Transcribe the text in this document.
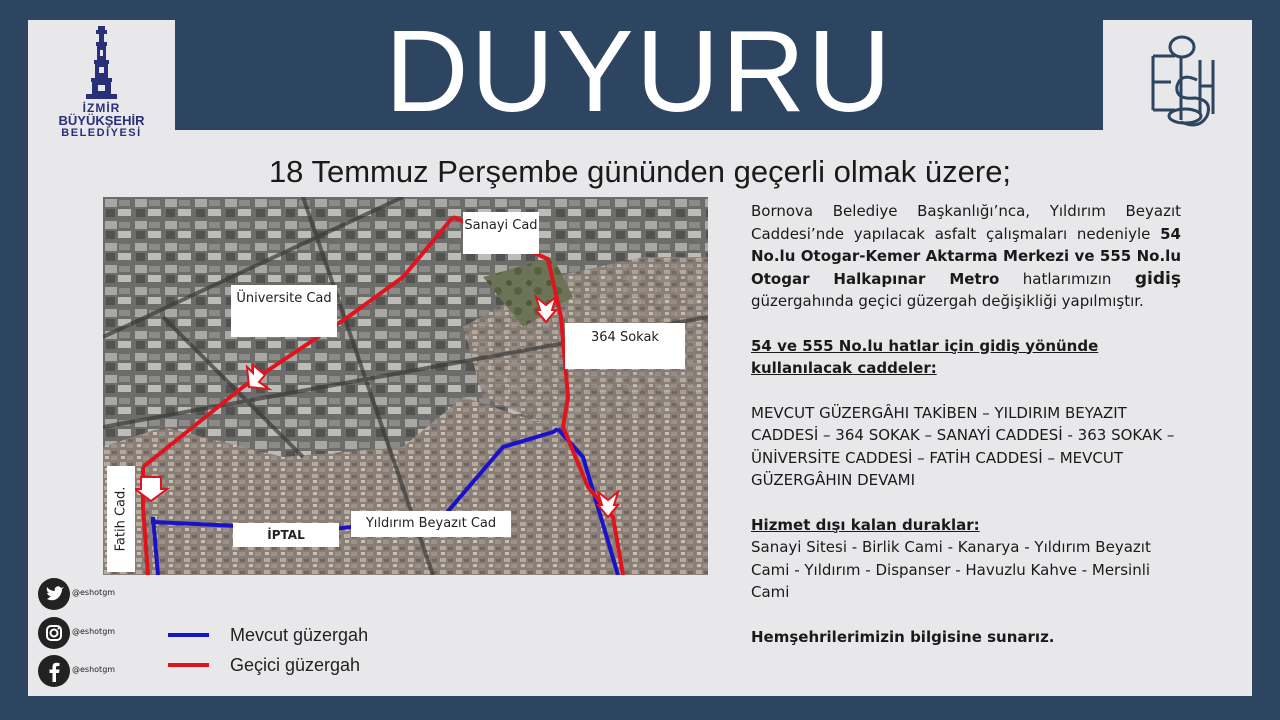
DUYURU
İZMİR
BÜYÜKŞEHİR
BELEDİYESİ
18 Temmuz Perşembe gününden geçerli olmak üzere;
Sanayi Cad
Üniversite Cad
364 Sokak
Fatih Cad.	İPTAL
Yıldırım Beyazıt Cad

Bornova Belediye Başkanlığı’nca, Yıldırım Beyazıt Caddesi’nde yapılacak asfalt çalışmaları nedeniyle 54 No.lu Otogar-Kemer Aktarma Merkezi ve 555 No.lu Otogar Halkapınar Metro hatlarımızın gidiş güzergahında geçici güzergah değişikliği yapılmıştır.

54 ve 555 No.lu hatlar için gidiş yönünde kullanılacak caddeler:

MEVCUT GÜZERGÂHI TAKİBEN – YILDIRIM BEYAZIT CADDESİ – 364 SOKAK – SANAYİ CADDESİ - 363 SOKAK – ÜNİVERSİTE CADDESİ – FATİH CADDESİ – MEVCUT GÜZERGÂHIN DEVAMI

Hizmet dışı kalan duraklar:

Sanayi Sitesi - Birlik Cami - Kanarya - Yıldırım Beyazıt Cami - Yıldırım - Dispanser - Havuzlu Kahve - Mersinli Cami

Hemşehrilerimizin bilgisine sunarız.

@eshotgm
@eshotgm
@eshotgm
Mevcut güzergah
Geçici güzergah
